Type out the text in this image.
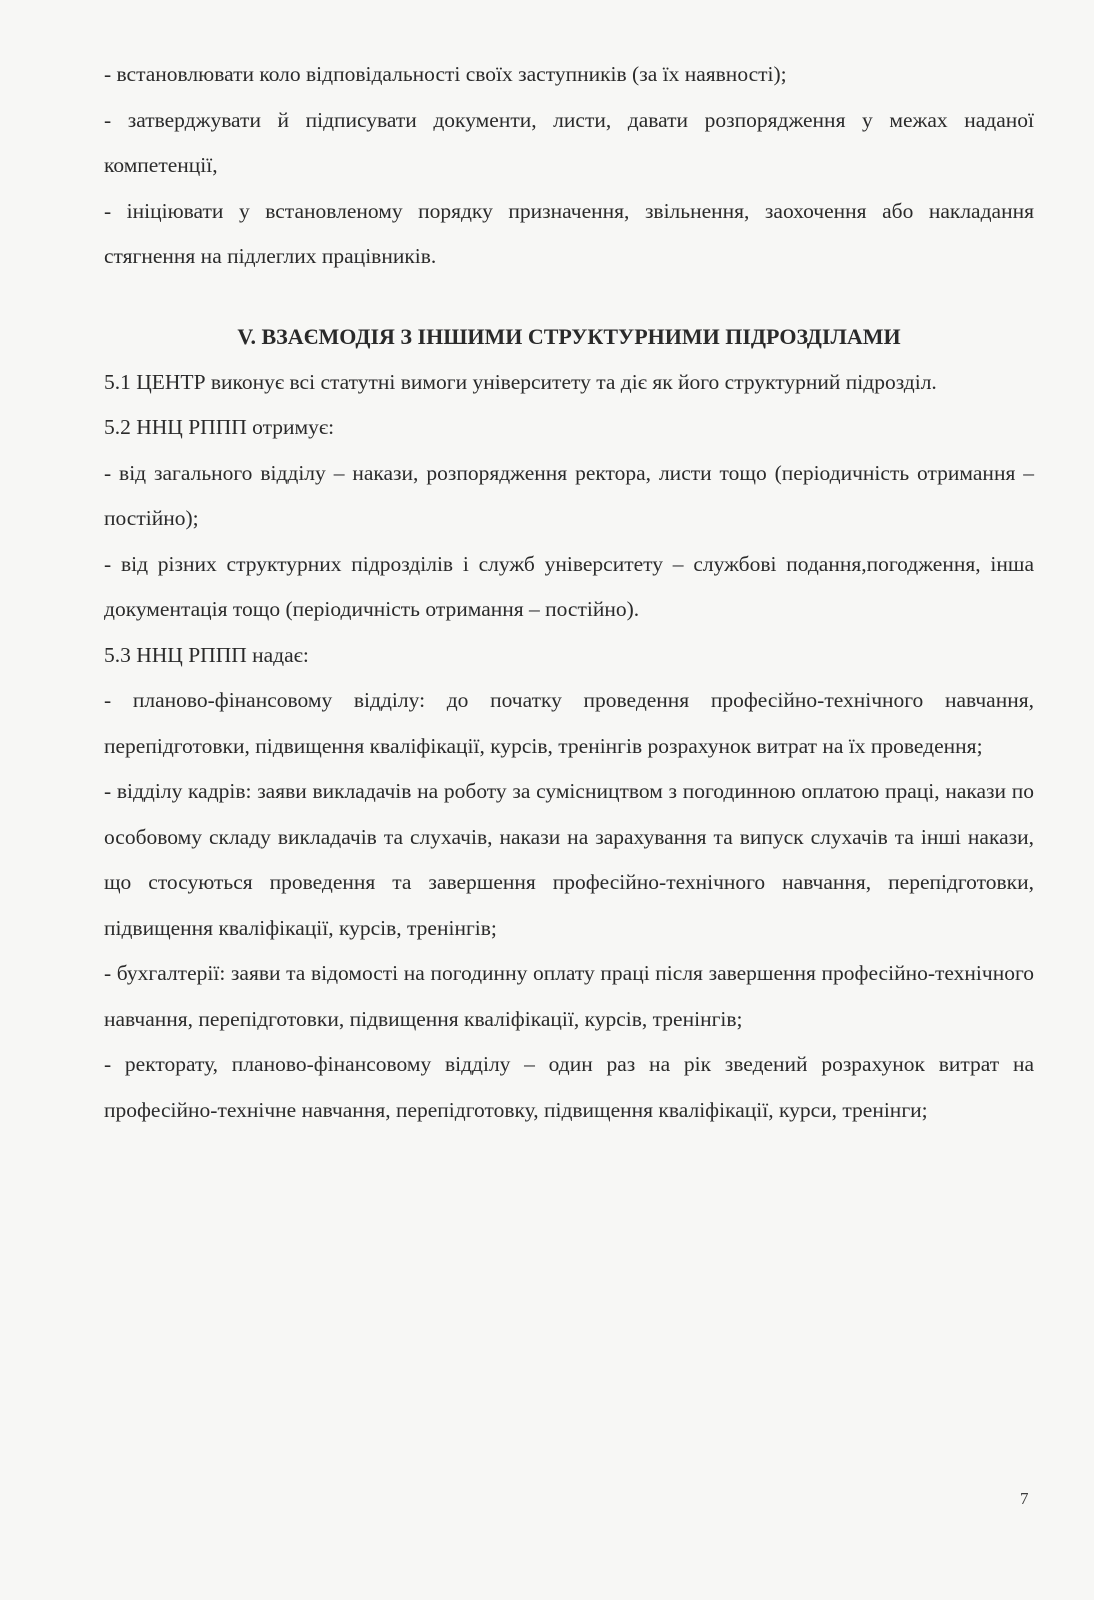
- встановлювати коло відповідальності своїх заступників (за їх наявності);

- затверджувати й підписувати документи, листи, давати розпорядження у межах наданої компетенції,

- ініціювати у встановленому порядку призначення, звільнення, заохочення або накладання стягнення на підлеглих працівників.

V. ВЗАЄМОДІЯ З ІНШИМИ СТРУКТУРНИМИ ПІДРОЗДІЛАМИ

5.1 ЦЕНТР виконує всі статутні вимоги університету та діє як його структурний підрозділ.

5.2 ННЦ РППП отримує:

- від загального відділу – накази, розпорядження ректора, листи тощо (періодичність отримання – постійно);

- від різних структурних підрозділів і служб університету – службові подання,погодження, інша документація тощо (періодичність отримання – постійно).

5.3 ННЦ РППП надає:

- планово-фінансовому відділу: до початку проведення професійно-технічного навчання, перепідготовки, підвищення кваліфікації, курсів, тренінгів розрахунок витрат на їх проведення;

- відділу кадрів: заяви викладачів на роботу за сумісництвом з погодинною оплатою праці, накази по особовому складу викладачів та слухачів, накази на зарахування та випуск слухачів та інші накази, що стосуються проведення та завершення професійно-технічного навчання, перепідготовки, підвищення кваліфікації, курсів, тренінгів;

- бухгалтерії: заяви та відомості на погодинну оплату праці після завершення професійно-технічного навчання, перепідготовки, підвищення кваліфікації, курсів, тренінгів;

- ректорату, планово-фінансовому відділу – один раз на рік зведений розрахунок витрат на професійно-технічне навчання, перепідготовку, підвищення кваліфікації, курси, тренінги;

7
